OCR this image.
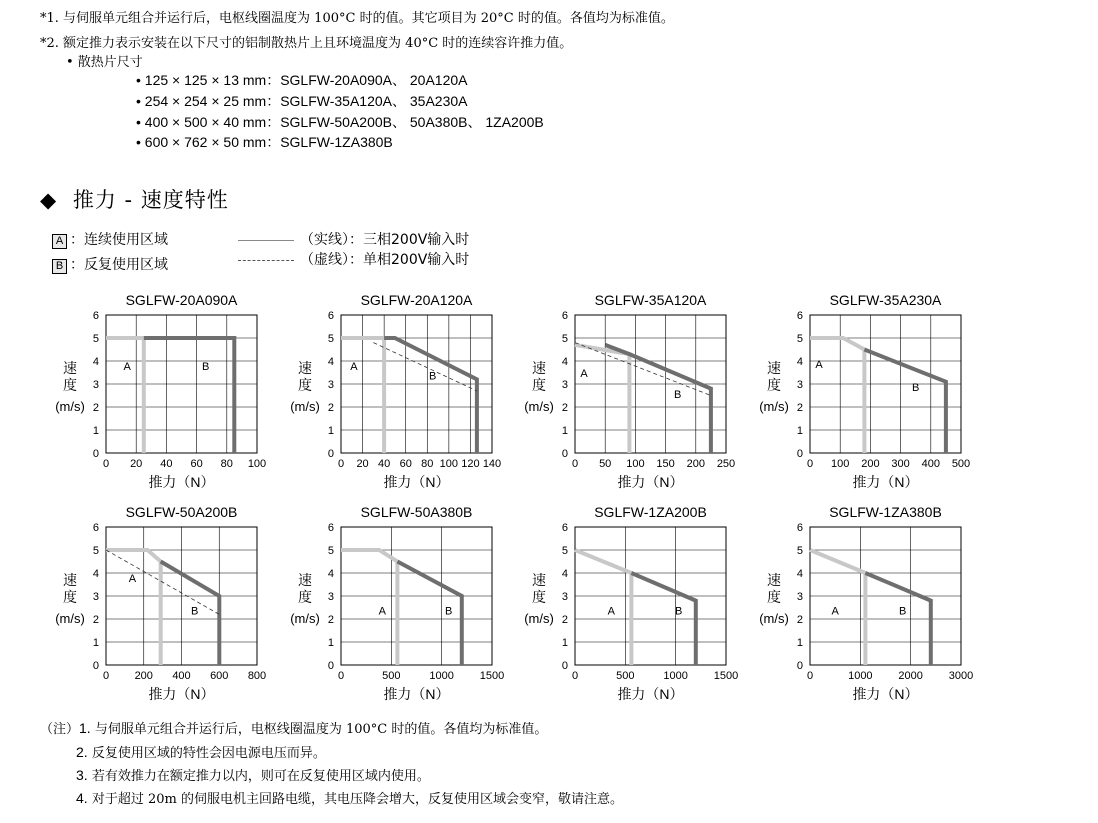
*1. 与伺服单元组合并运行后，电枢线圈温度为 100°C 时的值。其它项目为 20°C 时的值。各值均为标准值。
*2. 额定推力表示安装在以下尺寸的铝制散热片上且环境温度为 40°C 时的连续容许推力值。
• 散热片尺寸
• 125 × 125 × 13 mm：SGLFW-20A090A、 20A120A
• 254 × 254 × 25 mm：SGLFW-35A120A、 35A230A
• 400 × 500 × 40 mm：SGLFW-50A200B、 50A380B、 1ZA200B
• 600 × 762 × 50 mm：SGLFW-1ZA380B
◆ 推力 - 速度特性
A ：连续使用区域
B ：反复使用区域
（实线）：三相200V输入时
（虚线）：单相200V输入时
SGLFW-20A090A
0 20 40 60 80 100
0
1
2
3
4
5
6
速
度
(m/s)
推力（N）
A	B
SGLFW-20A120A
0 20 40 60 80 100 120 140
0
1
2
3
4
5
6
速
度
(m/s)
推力（N）
A
B
SGLFW-35A120A
0 50 100 150 200 250
0
1
2
3
4
5
6
速
度
(m/s)
推力（N）
A
B
SGLFW-35A230A
0 100 200 300 400 500
0
1
2
3
4
5
6
速
度
(m/s)
推力（N）
A
B
SGLFW-50A200B
0 200 400 600 800
0
1
2
3
4
5
6
速
度
(m/s)
推力（N）
A
B
SGLFW-50A380B
0	500	1000 1500
0
1
2
3
4
5
6
速
度
(m/s)
推力（N）
A	B
SGLFW-1ZA200B
0	500	1000 1500
0
1
2
3
4
5
6
速
度
(m/s)
推力（N）
A	B
SGLFW-1ZA380B
0	1000 2000 3000
0
1
2
3
4
5
6
速
度
(m/s)
推力（N）
A	B
（注）1. 与伺服单元组合并运行后，电枢线圈温度为 100°C 时的值。各值均为标准值。
2. 反复使用区域的特性会因电源电压而异。
3. 若有效推力在额定推力以内，则可在反复使用区域内使用。
4. 对于超过 20m 的伺服电机主回路电缆，其电压降会增大，反复使用区域会变窄，敬请注意。
